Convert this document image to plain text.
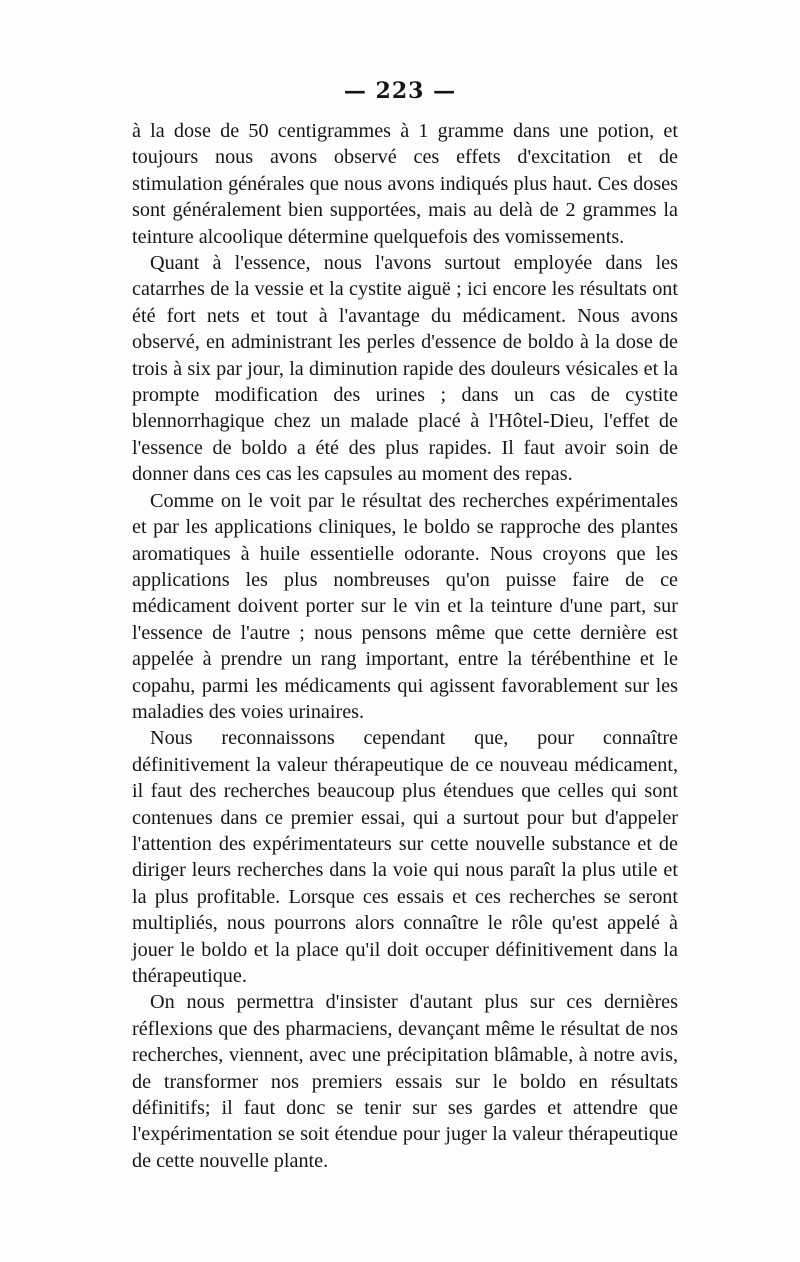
— 223 —

à la dose de 50 centigrammes à 1 gramme dans une potion, et toujours nous avons observé ces effets d'excitation et de stimulation générales que nous avons indiqués plus haut. Ces doses sont généralement bien supportées, mais au delà de 2 grammes la teinture alcoolique détermine quelquefois des vomissements.

Quant à l'essence, nous l'avons surtout employée dans les catarrhes de la vessie et la cystite aiguë ; ici encore les résultats ont été fort nets et tout à l'avantage du médicament. Nous avons observé, en administrant les perles d'essence de boldo à la dose de trois à six par jour, la diminution rapide des douleurs vésicales et la prompte modification des urines ; dans un cas de cystite blennorrhagique chez un malade placé à l'Hôtel-Dieu, l'effet de l'essence de boldo a été des plus rapides. Il faut avoir soin de donner dans ces cas les capsules au moment des repas.

Comme on le voit par le résultat des recherches expérimentales et par les applications cliniques, le boldo se rapproche des plantes aromatiques à huile essentielle odorante. Nous croyons que les applications les plus nombreuses qu'on puisse faire de ce médicament doivent porter sur le vin et la teinture d'une part, sur l'essence de l'autre ; nous pensons même que cette dernière est appelée à prendre un rang important, entre la térébenthine et le copahu, parmi les médicaments qui agissent favorablement sur les maladies des voies urinaires.

Nous reconnaissons cependant que, pour connaître définitivement la valeur thérapeutique de ce nouveau médicament, il faut des recherches beaucoup plus étendues que celles qui sont contenues dans ce premier essai, qui a surtout pour but d'appeler l'attention des expérimentateurs sur cette nouvelle substance et de diriger leurs recherches dans la voie qui nous paraît la plus utile et la plus profitable. Lorsque ces essais et ces recherches se seront multipliés, nous pourrons alors connaître le rôle qu'est appelé à jouer le boldo et la place qu'il doit occuper définitivement dans la thérapeutique.

On nous permettra d'insister d'autant plus sur ces dernières réflexions que des pharmaciens, devançant même le résultat de nos recherches, viennent, avec une précipitation blâmable, à notre avis, de transformer nos premiers essais sur le boldo en résultats définitifs; il faut donc se tenir sur ses gardes et attendre que l'expérimentation se soit étendue pour juger la valeur thérapeutique de cette nouvelle plante.
